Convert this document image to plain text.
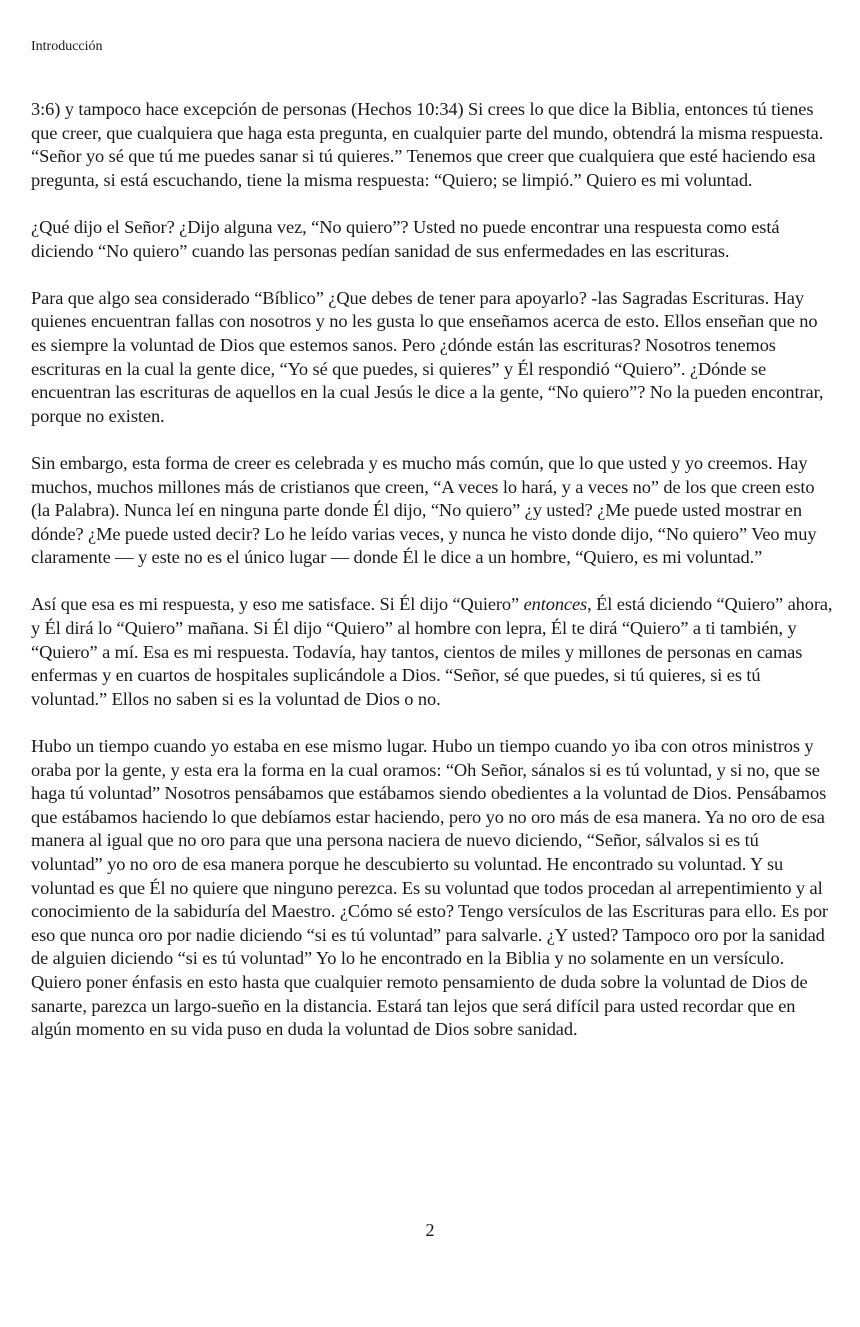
Introducción

3:6) y tampoco hace excepción de personas (Hechos 10:34) Si crees lo que dice la Biblia, entonces tú tienes que creer, que cualquiera que haga esta pregunta, en cualquier parte del mundo, obtendrá la misma respuesta. “Señor yo sé que tú me puedes sanar si tú quieres.” Tenemos que creer que cualquiera que esté haciendo esa pregunta, si está escuchando, tiene la misma respuesta: “Quiero; se limpió.” Quiero es mi voluntad.

¿Qué dijo el Señor? ¿Dijo alguna vez, “No quiero”? Usted no puede encontrar una respuesta como está diciendo “No quiero” cuando las personas pedían sanidad de sus enfermedades en las escrituras.

Para que algo sea considerado “Bíblico” ¿Que debes de tener para apoyarlo? -las Sagradas Escrituras. Hay quienes encuentran fallas con nosotros y no les gusta lo que enseñamos acerca de esto. Ellos enseñan que no es siempre la voluntad de Dios que estemos sanos. Pero ¿dónde están las escrituras? Nosotros tenemos escrituras en la cual la gente dice, “Yo sé que puedes, si quieres” y Él respondió “Quiero”. ¿Dónde se encuentran las escrituras de aquellos en la cual Jesús le dice a la gente, “No quiero”? No la pueden encontrar, porque no existen.

Sin embargo, esta forma de creer es celebrada y es mucho más común, que lo que usted y yo creemos. Hay muchos, muchos millones más de cristianos que creen, “A veces lo hará, y a veces no” de los que creen esto (la Palabra). Nunca leí en ninguna parte donde Él dijo, “No quiero” ¿y usted? ¿Me puede usted mostrar en dónde? ¿Me puede usted decir? Lo he leído varias veces, y nunca he visto donde dijo, “No quiero” Veo muy claramente — y este no es el único lugar — donde Él le dice a un hombre, “Quiero, es mi voluntad.”

Así que esa es mi respuesta, y eso me satisface. Si Él dijo “Quiero” entonces, Él está diciendo “Quiero” ahora, y Él dirá lo “Quiero” mañana. Si Él dijo “Quiero” al hombre con lepra, Él te dirá “Quiero” a ti también, y “Quiero” a mí. Esa es mi respuesta. Todavía, hay tantos, cientos de miles y millones de personas en camas enfermas y en cuartos de hospitales suplicándole a Dios. “Señor, sé que puedes, si tú quieres, si es tú voluntad.” Ellos no saben si es la voluntad de Dios o no.

Hubo un tiempo cuando yo estaba en ese mismo lugar. Hubo un tiempo cuando yo iba con otros ministros y oraba por la gente, y esta era la forma en la cual oramos: “Oh Señor, sánalos si es tú voluntad, y si no, que se haga tú voluntad” Nosotros pensábamos que estábamos siendo obedientes a la voluntad de Dios. Pensábamos que estábamos haciendo lo que debíamos estar haciendo, pero yo no oro más de esa manera. Ya no oro de esa manera al igual que no oro para que una persona naciera de nuevo diciendo, “Señor, sálvalos si es tú voluntad” yo no oro de esa manera porque he descubierto su voluntad. He encontrado su voluntad. Y su voluntad es que Él no quiere que ninguno perezca. Es su voluntad que todos procedan al arrepentimiento y al conocimiento de la sabiduría del Maestro. ¿Cómo sé esto? Tengo versículos de las Escrituras para ello. Es por eso que nunca oro por nadie diciendo “si es tú voluntad” para salvarle. ¿Y usted? Tampoco oro por la sanidad de alguien diciendo “si es tú voluntad” Yo lo he encontrado en la Biblia y no solamente en un versículo. Quiero poner énfasis en esto hasta que cualquier remoto pensamiento de duda sobre la voluntad de Dios de sanarte, parezca un largo-sueño en la distancia. Estará tan lejos que será difícil para usted recordar que en algún momento en su vida puso en duda la voluntad de Dios sobre sanidad.

2
